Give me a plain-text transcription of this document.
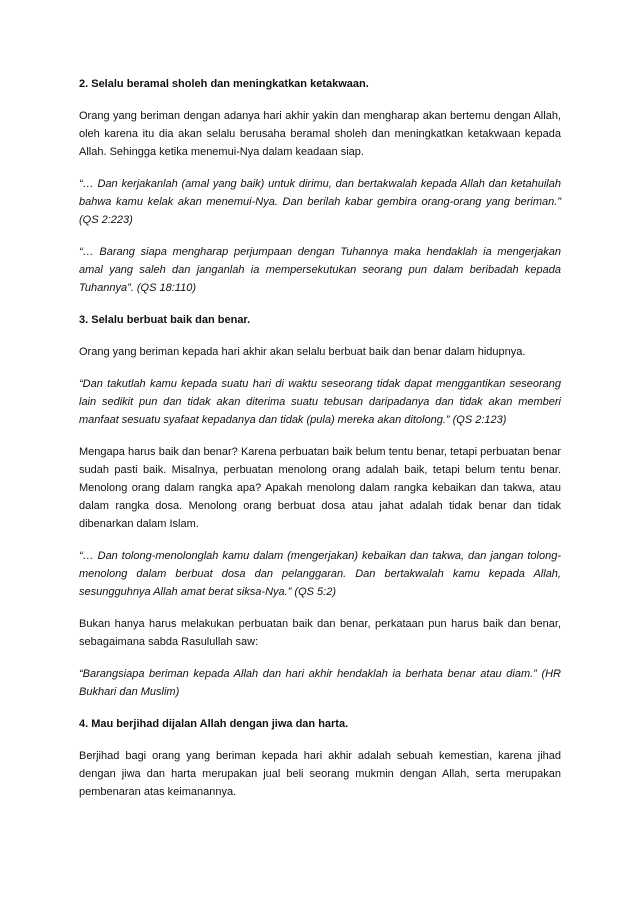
2. Selalu beramal sholeh dan meningkatkan ketakwaan.

Orang yang beriman dengan adanya hari akhir yakin dan mengharap akan bertemu dengan Allah, oleh karena itu dia akan selalu berusaha beramal sholeh dan meningkatkan ketakwaan kepada Allah. Sehingga ketika menemui-Nya dalam keadaan siap.

“… Dan kerjakanlah (amal yang baik) untuk dirimu, dan bertakwalah kepada Allah dan ketahuilah bahwa kamu kelak akan menemui-Nya. Dan berilah kabar gembira orang-orang yang beriman.” (QS 2:223)

“… Barang siapa mengharap perjumpaan dengan Tuhannya maka hendaklah ia mengerjakan amal yang saleh dan janganlah ia mempersekutukan seorang pun dalam beribadah kepada Tuhannya”. (QS 18:110)

3. Selalu berbuat baik dan benar.

Orang yang beriman kepada hari akhir akan selalu berbuat baik dan benar dalam hidupnya.

“Dan takutlah kamu kepada suatu hari di waktu seseorang tidak dapat menggantikan seseorang lain sedikit pun dan tidak akan diterima suatu tebusan daripadanya dan tidak akan memberi manfaat sesuatu syafaat kepadanya dan tidak (pula) mereka akan ditolong.” (QS 2:123)

Mengapa harus baik dan benar? Karena perbuatan baik belum tentu benar, tetapi perbuatan benar sudah pasti baik. Misalnya, perbuatan menolong orang adalah baik, tetapi belum tentu benar. Menolong orang dalam rangka apa? Apakah menolong dalam rangka kebaikan dan takwa, atau dalam rangka dosa. Menolong orang berbuat dosa atau jahat adalah tidak benar dan tidak dibenarkan dalam Islam.

“… Dan tolong-menolonglah kamu dalam (mengerjakan) kebaikan dan takwa, dan jangan tolong-menolong dalam berbuat dosa dan pelanggaran. Dan bertakwalah kamu kepada Allah, sesungguhnya Allah amat berat siksa-Nya.” (QS 5:2)

Bukan hanya harus melakukan perbuatan baik dan benar, perkataan pun harus baik dan benar, sebagaimana sabda Rasulullah saw:

“Barangsiapa beriman kepada Allah dan hari akhir hendaklah ia berhata benar atau diam.” (HR Bukhari dan Muslim)

4. Mau berjihad dijalan Allah dengan jiwa dan harta.

Berjihad bagi orang yang beriman kepada hari akhir adalah sebuah kemestian, karena jihad dengan jiwa dan harta merupakan jual beli seorang mukmin dengan Allah, serta merupakan pembenaran atas keimanannya.
